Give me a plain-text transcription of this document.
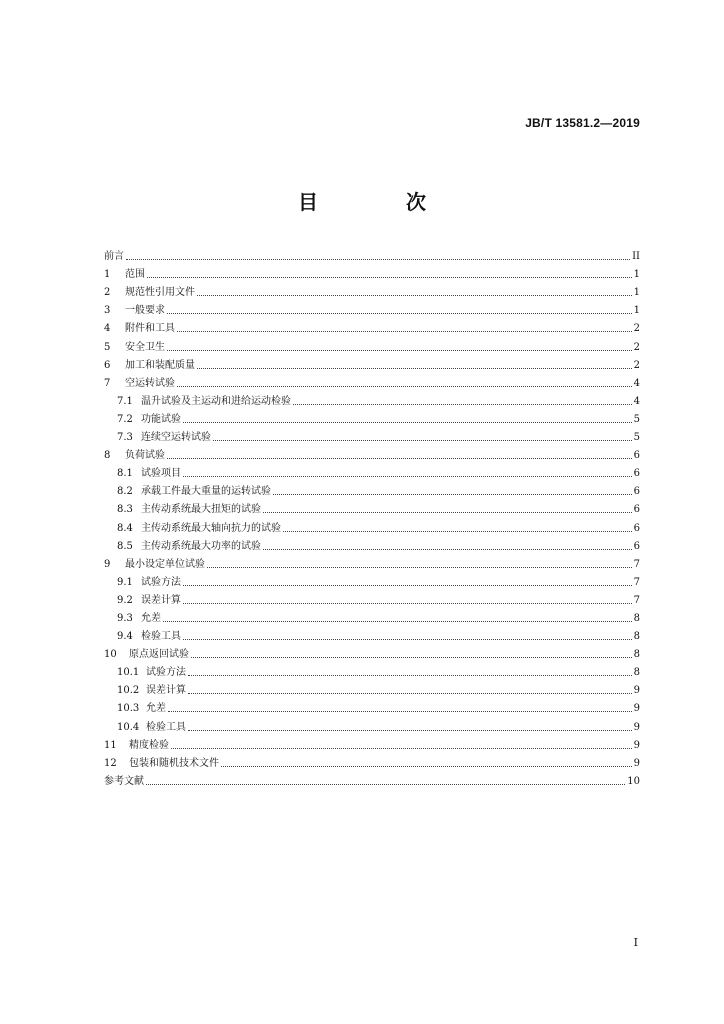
JB/T 13581.2—2019
目　次
前言	II
1	范围	1
2	规范性引用文件	1
3	一般要求	1
4	附件和工具	2
5	安全卫生	2
6	加工和装配质量	2
7	空运转试验	4
7.1 温升试验及主运动和进给运动检验	4
7.2 功能试验	5
7.3 连续空运转试验	5
8	负荷试验	6
8.1 试验项目	6
8.2 承载工件最大重量的运转试验	6
8.3 主传动系统最大扭矩的试验	6
8.4 主传动系统最大轴向抗力的试验	6
8.5 主传动系统最大功率的试验	6
9	最小设定单位试验	7
9.1 试验方法	7
9.2 误差计算	7
9.3 允差	8
9.4 检验工具	8
10	原点返回试验	8
10.1 试验方法	8
10.2 误差计算	9
10.3 允差	9
10.4 检验工具	9
11	精度检验	9
12	包装和随机技术文件	9
参考文献	10
I
